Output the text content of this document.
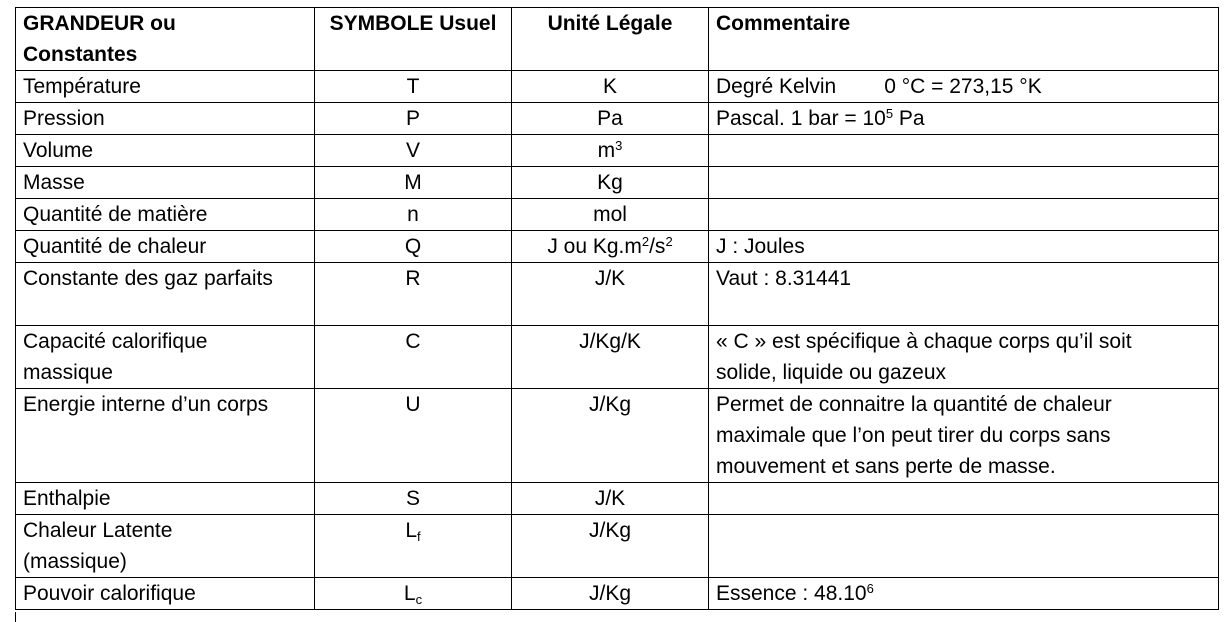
GRANDEUR ou Constantes	SYMBOLE Usuel	Unité Légale	Commentaire
Température	T	K	Degré Kelvin 0 °C = 273,15 °K
Pression	P	Pa	Pascal. 1 bar = $10^5$ Pa
Volume	V	$m^3$	
Masse	M	Kg	
Quantité de matière	n	mol	
Quantité de chaleur	Q	J ou $Kg.m^2/s^2$	J : Joules
Constante des gaz parfaits	R	J/K	Vaut : 8.31441
Capacité calorifique massique	C	J/Kg/K	« C » est spécifique à chaque corps qu’il soit solide, liquide ou gazeux
Energie interne d’un corps	U	J/Kg	Permet de connaitre la quantité de chaleur maximale que l’on peut tirer du corps sans mouvement et sans perte de masse.
Enthalpie	S	J/K	
Chaleur Latente (massique)	$L_f$	J/Kg	
Pouvoir calorifique	$L_c$	J/Kg	Essence : 48.10$^6$
